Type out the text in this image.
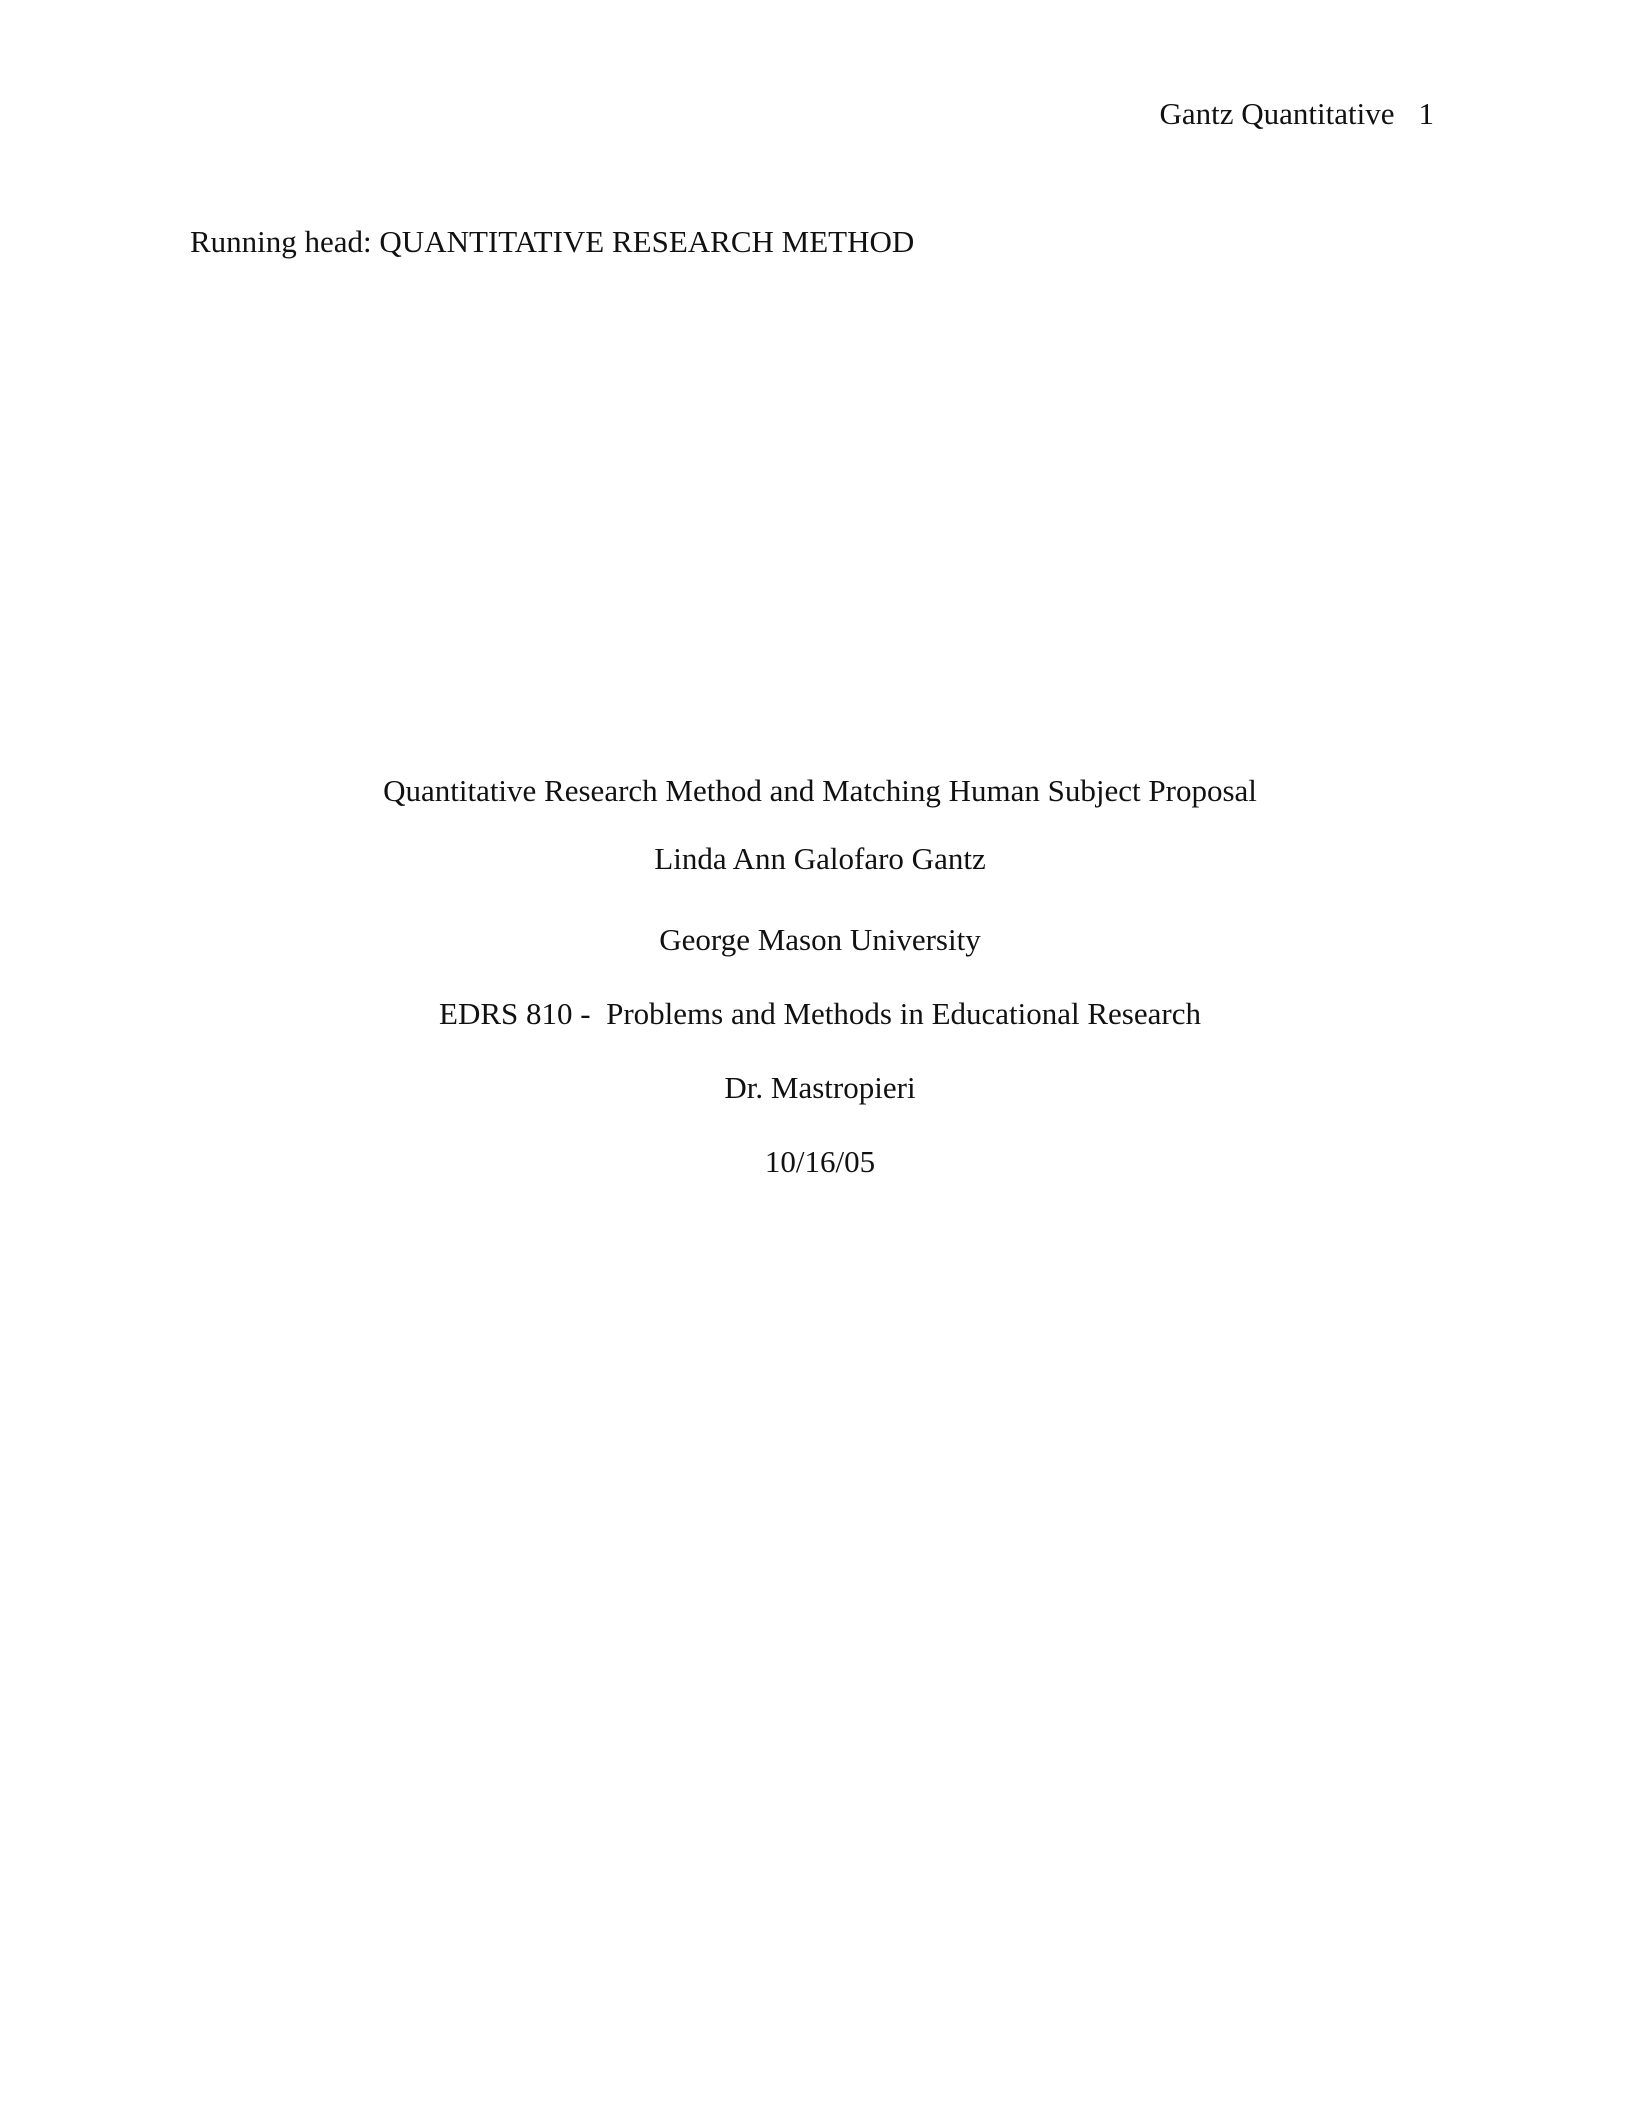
Gantz Quantitative 1
Running head: QUANTITATIVE RESEARCH METHOD
Quantitative Research Method and Matching Human Subject Proposal
Linda Ann Galofaro Gantz
George Mason University
EDRS 810 -  Problems and Methods in Educational Research
Dr. Mastropieri
10/16/05
